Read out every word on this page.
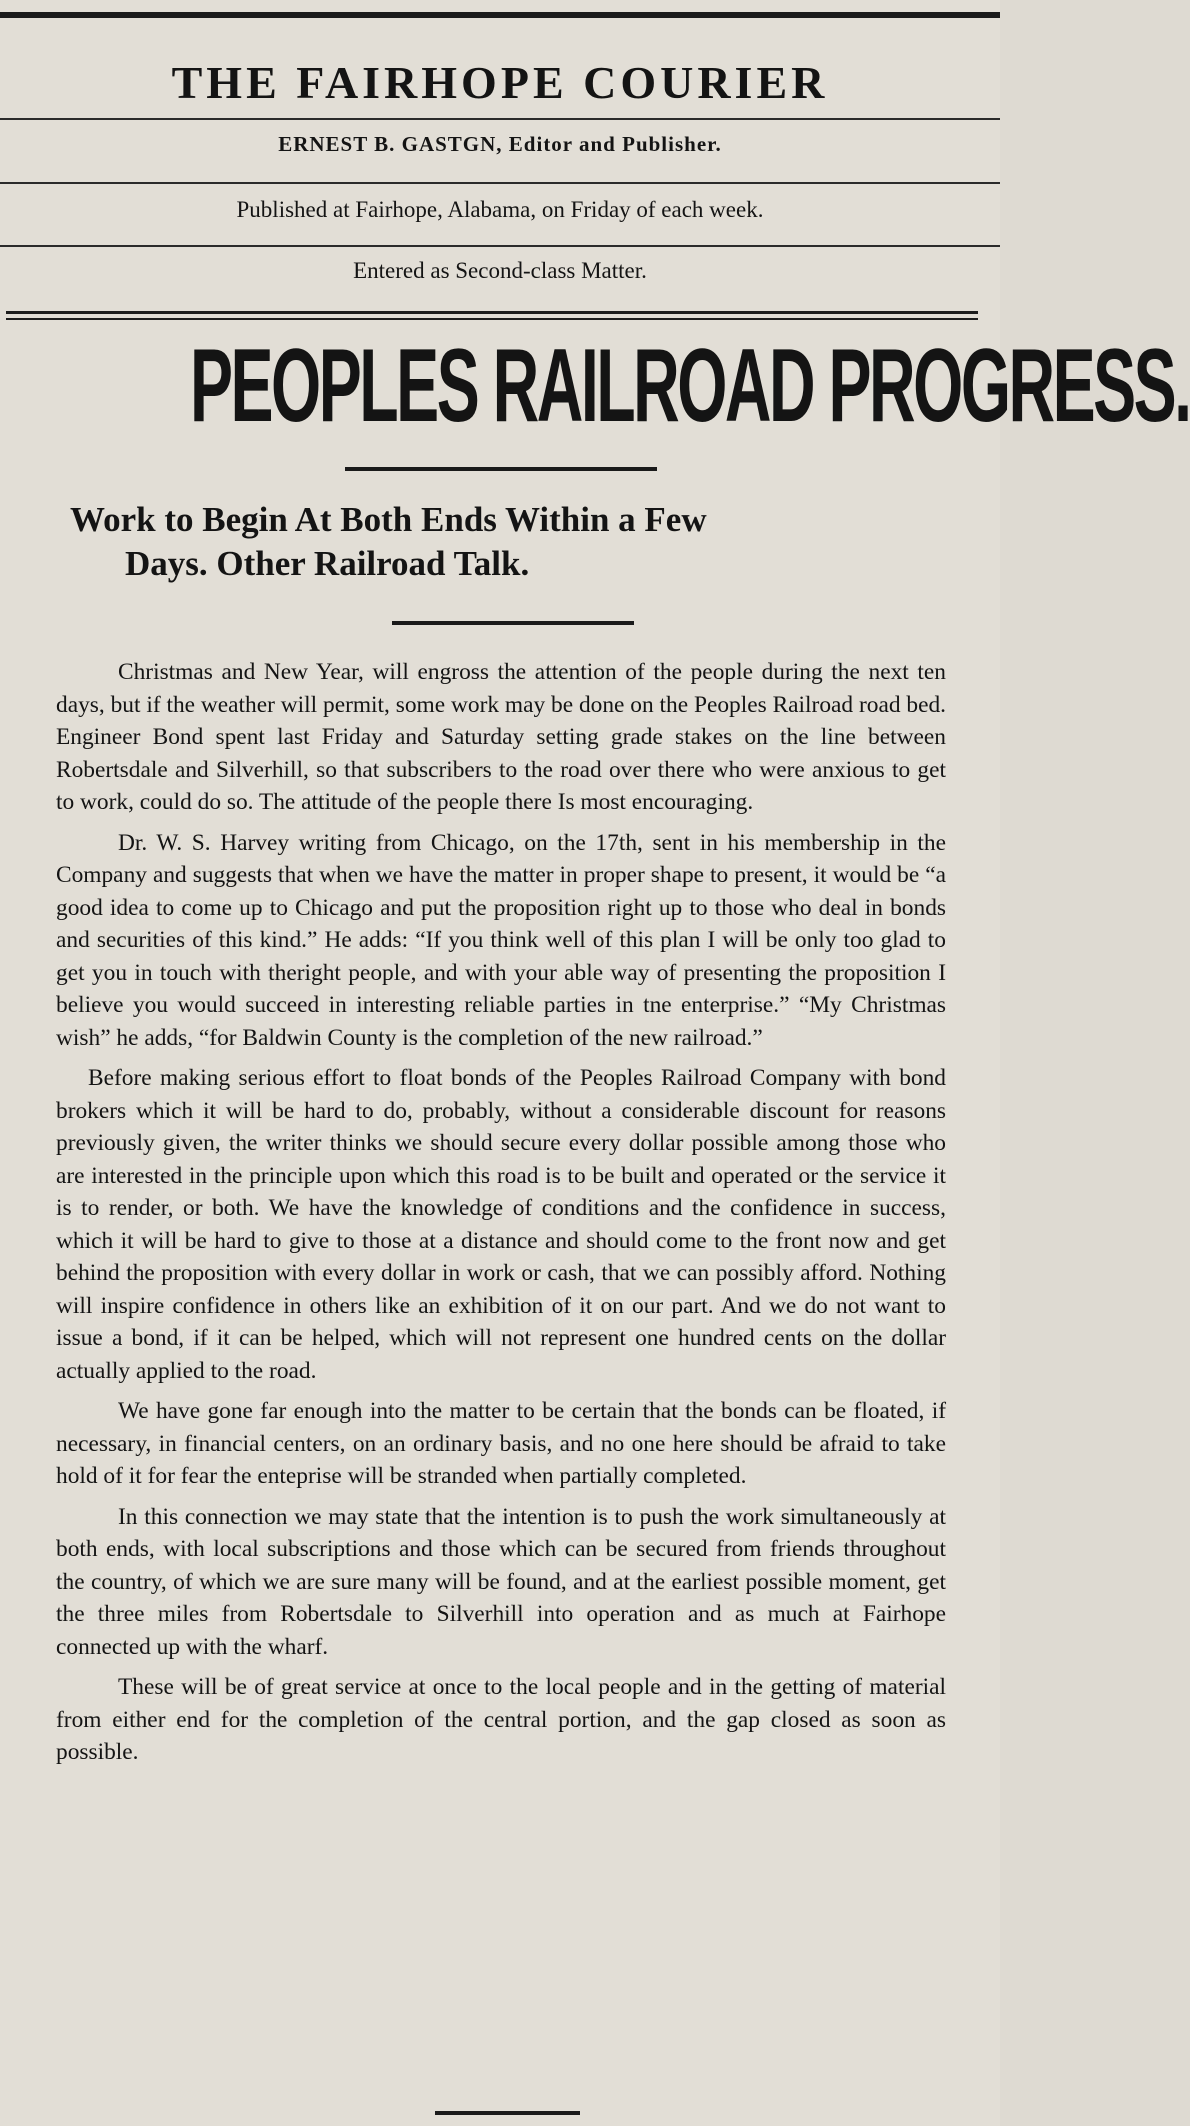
THE FAIRHOPE COURIER
ERNEST B. GASTGN, Editor and Publisher.
Published at Fairhope, Alabama, on Friday of each week.
Entered as Second-class Matter.
PEOPLES RAILROAD PROGRESS.
Work to Begin At Both Ends Within a Few
Days. Other Railroad Talk.

Christmas and New Year, will engross the attention of the people during the next ten days, but if the weather will permit, some work may be done on the Peoples Railroad road bed. Engineer Bond spent last Friday and Saturday setting grade stakes on the line between Robertsdale and Silverhill, so that subscribers to the road over there who were anxious to get to work, could do so. The attitude of the people there Is most encouraging.

Dr. W. S. Harvey writing from Chicago, on the 17th, sent in his membership in the Company and suggests that when we have the matter in proper shape to present, it would be “a good idea to come up to Chicago and put the proposition right up to those who deal in bonds and securities of this kind.” He adds: “If you think well of this plan I will be only too glad to get you in touch with theright people, and with your able way of presenting the proposition I believe you would succeed in interesting reliable parties in tne enterprise.” “My Christmas wish” he adds, “for Baldwin County is the completion of the new railroad.”

Before making serious effort to float bonds of the Peoples Railroad Company with bond brokers which it will be hard to do, probably, without a considerable discount for reasons previously given, the writer thinks we should secure every dollar possible among those who are interested in the principle upon which this road is to be built and operated or the service it is to render, or both. We have the knowledge of conditions and the confidence in success, which it will be hard to give to those at a distance and should come to the front now and get behind the proposition with every dollar in work or cash, that we can possibly afford. Nothing will inspire confidence in others like an exhibition of it on our part. And we do not want to issue a bond, if it can be helped, which will not represent one hundred cents on the dollar actually applied to the road.

We have gone far enough into the matter to be certain that the bonds can be floated, if necessary, in financial centers, on an ordinary basis, and no one here should be afraid to take hold of it for fear the enteprise will be stranded when partially completed.

In this connection we may state that the intention is to push the work simultaneously at both ends, with local subscriptions and those which can be secured from friends throughout the country, of which we are sure many will be found, and at the earliest possible moment, get the three miles from Robertsdale to Silverhill into operation and as much at Fairhope connected up with the wharf.

These will be of great service at once to the local people and in the getting of material from either end for the completion of the central portion, and the gap closed as soon as possible.
